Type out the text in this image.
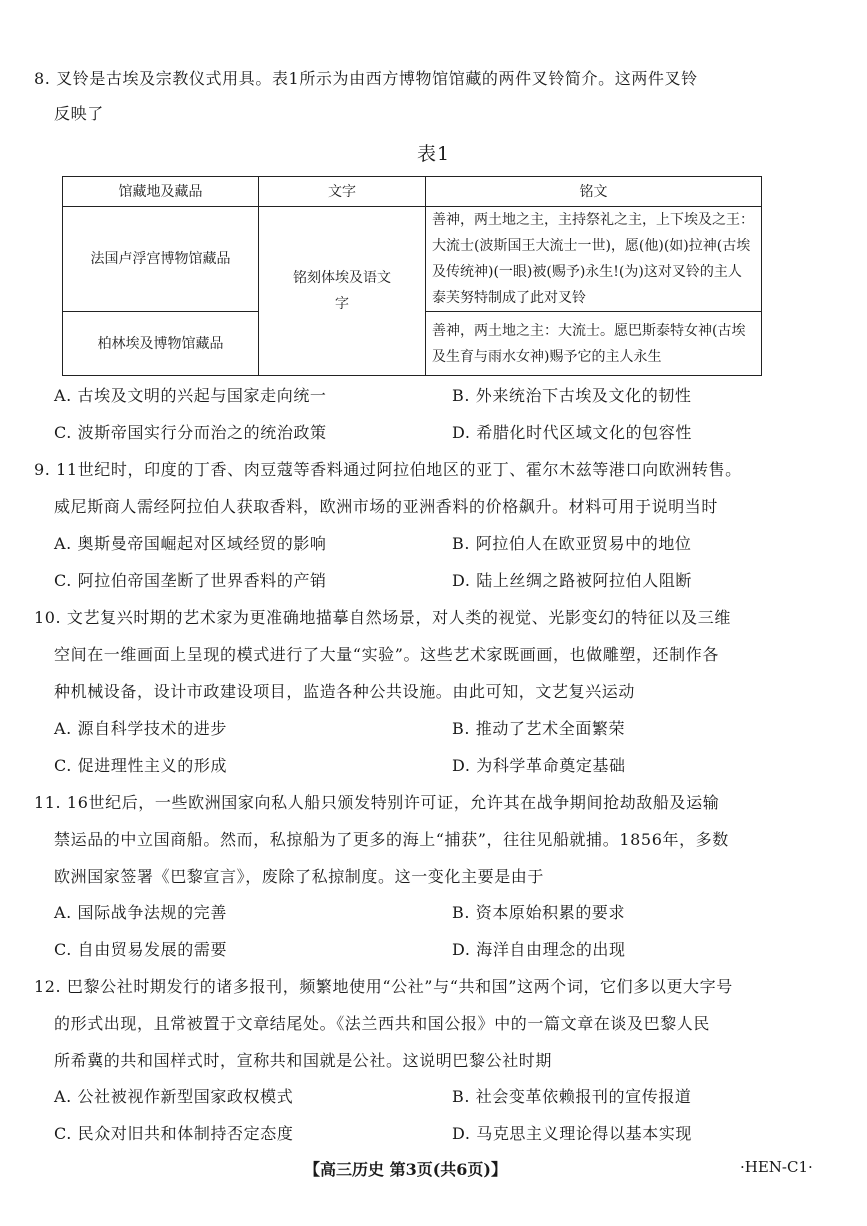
8. 叉铃是古埃及宗教仪式用具。表1所示为由西方博物馆馆藏的两件叉铃简介。这两件叉铃
反映了
表1
馆藏地及藏品	文字	铭文
法国卢浮宫博物馆藏品	铭刻体埃及语文字	善神，两土地之主，主持祭礼之主，上下埃及之王：大流士(波斯国王大流士一世)，愿(他)(如)拉神(古埃及传统神)(一眼)被(赐予)永生!(为)这对叉铃的主人泰芙努特制成了此对叉铃
柏林埃及博物馆藏品		善神，两土地之主：大流士。愿巴斯泰特女神(古埃及生育与雨水女神)赐予它的主人永生
A. 古埃及文明的兴起与国家走向统一	B. 外来统治下古埃及文化的韧性
C. 波斯帝国实行分而治之的统治政策	D. 希腊化时代区域文化的包容性
9. 11世纪时，印度的丁香、肉豆蔻等香料通过阿拉伯地区的亚丁、霍尔木兹等港口向欧洲转售。
威尼斯商人需经阿拉伯人获取香料，欧洲市场的亚洲香料的价格飙升。材料可用于说明当时
A. 奥斯曼帝国崛起对区域经贸的影响	B. 阿拉伯人在欧亚贸易中的地位
C. 阿拉伯帝国垄断了世界香料的产销	D. 陆上丝绸之路被阿拉伯人阻断
10. 文艺复兴时期的艺术家为更准确地描摹自然场景，对人类的视觉、光影变幻的特征以及三维
空间在一维画面上呈现的模式进行了大量“实验”。这些艺术家既画画，也做雕塑，还制作各
种机械设备，设计市政建设项目，监造各种公共设施。由此可知，文艺复兴运动
A. 源自科学技术的进步	B. 推动了艺术全面繁荣
C. 促进理性主义的形成	D. 为科学革命奠定基础
11. 16世纪后，一些欧洲国家向私人船只颁发特别许可证，允许其在战争期间抢劫敌船及运输
禁运品的中立国商船。然而，私掠船为了更多的海上“捕获”，往往见船就捕。1856年，多数
欧洲国家签署《巴黎宣言》，废除了私掠制度。这一变化主要是由于
A. 国际战争法规的完善	B. 资本原始积累的要求
C. 自由贸易发展的需要	D. 海洋自由理念的出现
12. 巴黎公社时期发行的诸多报刊，频繁地使用“公社”与“共和国”这两个词，它们多以更大字号
的形式出现，且常被置于文章结尾处。《法兰西共和国公报》中的一篇文章在谈及巴黎人民
所希冀的共和国样式时，宣称共和国就是公社。这说明巴黎公社时期
A. 公社被视作新型国家政权模式	B. 社会变革依赖报刊的宣传报道
C. 民众对旧共和体制持否定态度	D. 马克思主义理论得以基本实现
【高三历史 第3页(共6页)】	·HEN-C1·
